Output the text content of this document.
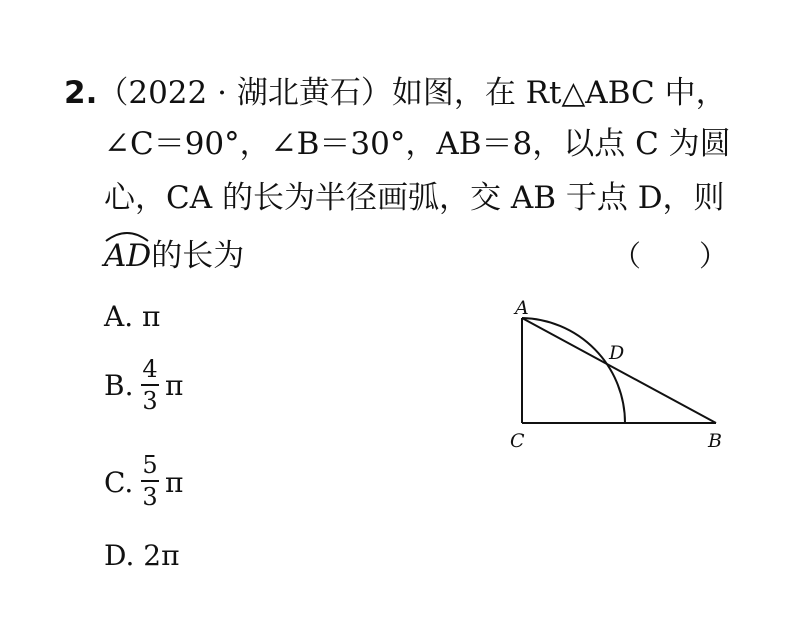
2.（2022 · 湖北黄石）如图，在 Rt△ABC 中，
∠C＝90°，∠B＝30°，AB＝8，以点 C 为圆
心，CA 的长为半径画弧，交 AB 于点 D，则
AD的长为	（　　）
A. π
B. 4
3 π
C.
5
3 π
D. 2π
A
D
C	B
